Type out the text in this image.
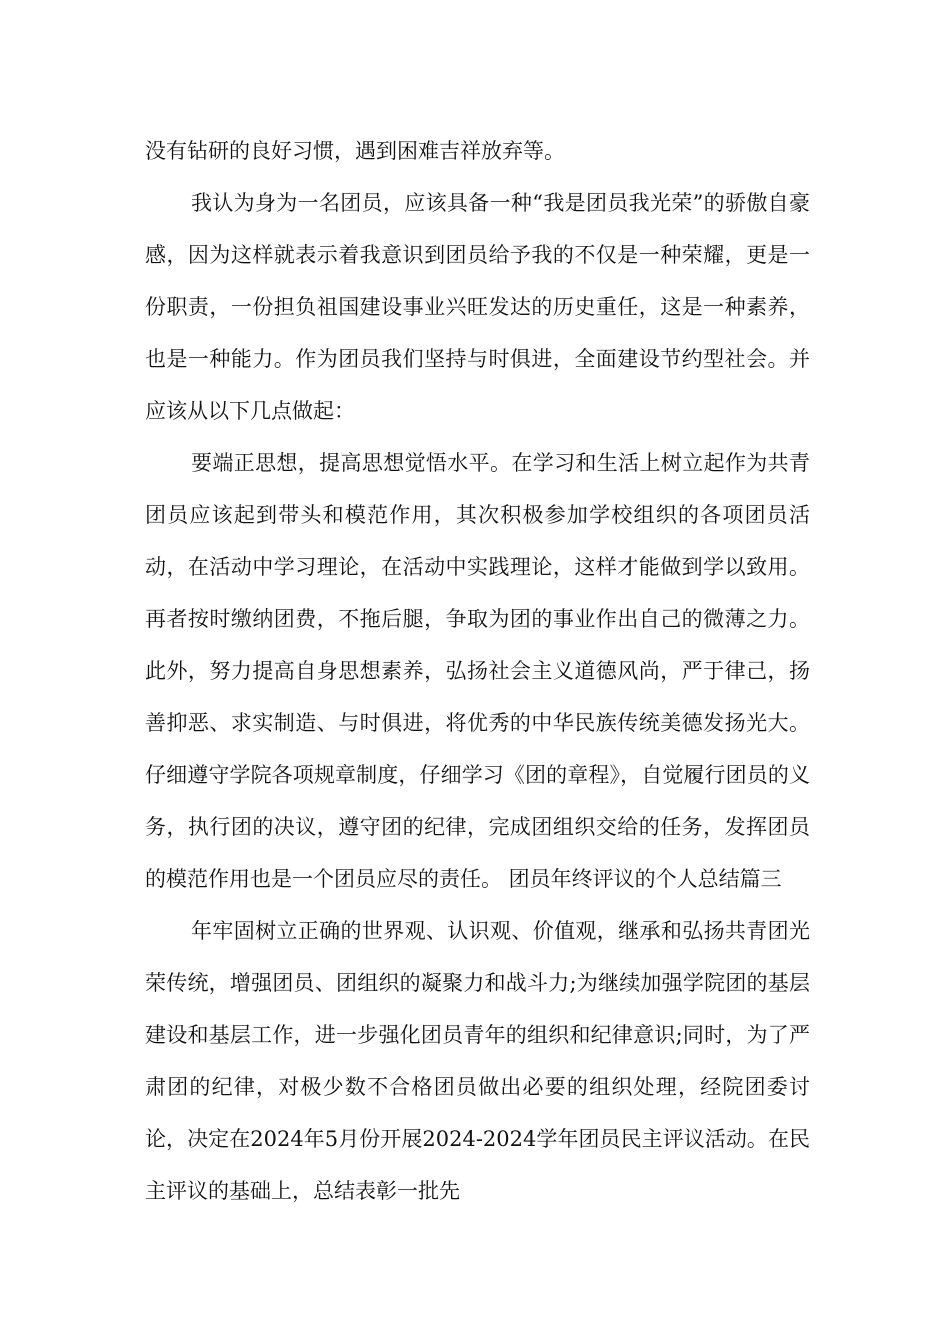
没有钻研的良好习惯，遇到困难吉祥放弃等。

我认为身为一名团员，应该具备一种“我是团员我光荣”的骄傲自豪感，因为这样就表示着我意识到团员给予我的不仅是一种荣耀，更是一份职责，一份担负祖国建设事业兴旺发达的历史重任，这是一种素养，也是一种能力。作为团员我们坚持与时俱进，全面建设节约型社会。并应该从以下几点做起：

要端正思想，提高思想觉悟水平。在学习和生活上树立起作为共青团员应该起到带头和模范作用，其次积极参加学校组织的各项团员活动，在活动中学习理论，在活动中实践理论，这样才能做到学以致用。再者按时缴纳团费，不拖后腿，争取为团的事业作出自己的微薄之力。此外，努力提高自身思想素养，弘扬社会主义道德风尚，严于律己，扬善抑恶、求实制造、与时俱进，将优秀的中华民族传统美德发扬光大。仔细遵守学院各项规章制度，仔细学习《团的章程》，自觉履行团员的义务，执行团的决议，遵守团的纪律，完成团组织交给的任务，发挥团员的模范作用也是一个团员应尽的责任。 团员年终评议的个人总结篇三

年牢固树立正确的世界观、认识观、价值观，继承和弘扬共青团光荣传统，增强团员、团组织的凝聚力和战斗力;为继续加强学院团的基层建设和基层工作，进一步强化团员青年的组织和纪律意识;同时，为了严肃团的纪律，对极少数不合格团员做出必要的组织处理，经院团委讨论，决定在2024年5月份开展2024-2024学年团员民主评议活动。在民主评议的基础上，总结表彰一批先
